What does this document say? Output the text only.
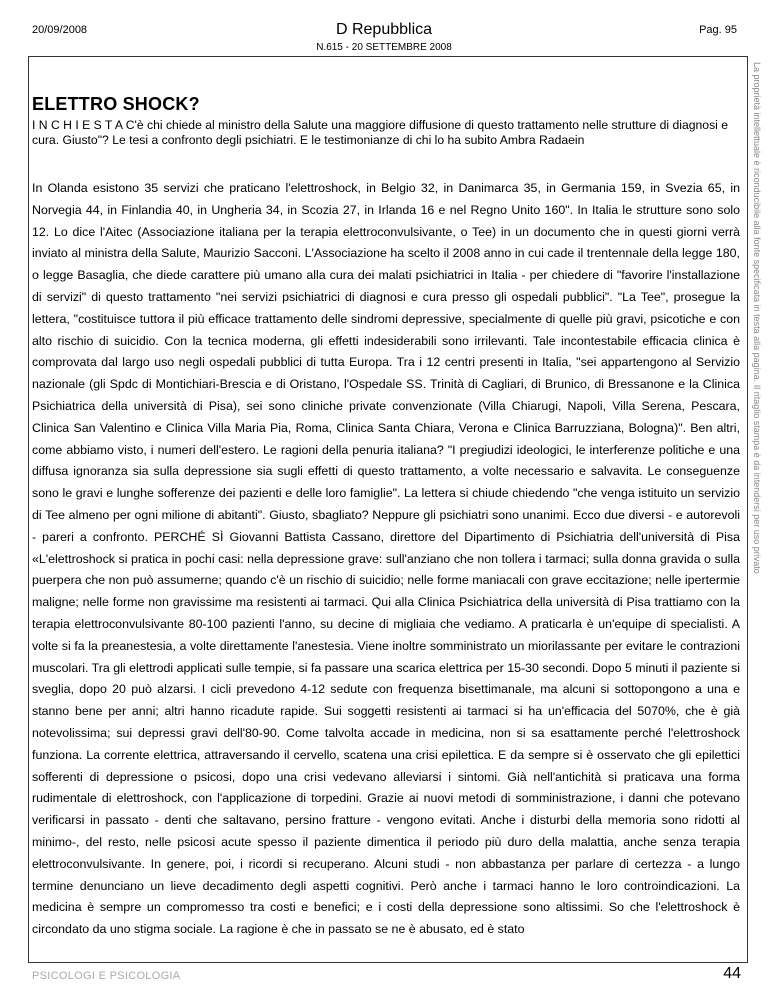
20/09/2008	D Repubblica
N.615 - 20 SETTEMBRE 2008
Pag. 95
La proprietà intellettuale è riconducibile alla fonte specificata in testa alla pagina. Il ritaglio stampa è da intendersi per uso privato
ELETTRO SHOCK?
I N C H I E S T A C'è chi chiede al ministro della Salute una maggiore diffusione di questo trattamento nelle strutture di diagnosi e cura. Giusto"? Le tesi a confronto degli psichiatri. E le testimonianze di chi lo ha subito Ambra Radaein
In Olanda esistono 35 servizi che praticano l'elettroshock, in Belgio 32, in Danimarca 35, in Germania 159, in Svezia 65, in Norvegia 44, in Finlandia 40, in Ungheria 34, in Scozia 27, in Irlanda 16 e nel Regno Unito 160". In Italia le strutture sono solo 12. Lo dice l'Aitec (Associazione italiana per la terapia elettroconvulsivante, o Tee) in un documento che in questi giorni verrà inviato al ministra della Salute, Maurizio Sacconi. L'Associazione ha scelto il 2008 anno in cui cade il trentennale della legge 180, o legge Basaglia, che diede carattere più umano alla cura dei malati psichiatrici in Italia - per chiedere di "favorire l'installazione di servizi" di questo trattamento "nei servizi psichiatrici di diagnosi e cura presso gli ospedali pubblici". "La Tee", prosegue la lettera, "costituisce tuttora il più efficace trattamento delle sindromi depressive, specialmente di quelle più gravi, psicotiche e con alto rischio di suicidio. Con la tecnica moderna, gli effetti indesiderabili sono irrilevanti. Tale incontestabile efficacia clinica è comprovata dal largo uso negli ospedali pubblici di tutta Europa. Tra i 12 centri presenti in Italia, "sei appartengono al Servizio nazionale (gli Spdc di Montichiari-Brescia e di Oristano, l'Ospedale SS. Trinità di Cagliari, di Brunico, di Bressanone e la Clinica Psichiatrica della università di Pisa), sei sono cliniche private convenzionate (Villa Chiarugi, Napoli, Villa Serena, Pescara, Clinica San Valentino e Clinica Villa Maria Pia, Roma, Clinica Santa Chiara, Verona e Clinica Barruzziana, Bologna)". Ben altri, come abbiamo visto, i numeri dell'estero. Le ragioni della penuria italiana? "I pregiudizi ideologici, le interferenze politiche e una diffusa ignoranza sia sulla depressione sia sugli effetti di questo trattamento, a volte necessario e salvavita. Le conseguenze sono le gravi e lunghe sofferenze dei pazienti e delle loro famiglie". La lettera si chiude chiedendo "che venga istituito un servizio di Tee almeno per ogni milione di abitanti". Giusto, sbagliato? Neppure gli psichiatri sono unanimi. Ecco due diversi - e autorevoli - pareri a confronto. PERCHÉ SÌ Giovanni Battista Cassano, direttore del Dipartimento di Psichiatria dell'università di Pisa «L'elettroshock si pratica in pochi casi: nella depressione grave: sull'anziano che non tollera i tarmaci; sulla donna gravida o sulla puerpera che non può assumerne; quando c'è un rischio di suicidio; nelle forme maniacali con grave eccitazione; nelle ipertermie maligne; nelle forme non gravissime ma resistenti ai tarmaci. Qui alla Clinica Psichiatrica della università di Pisa trattiamo con la terapia elettroconvulsivante 80-100 pazienti l'anno, su decine di migliaia che vediamo. A praticarla è un'equipe di specialisti. A volte si fa la preanestesia, a volte direttamente l'anestesia. Viene inoltre somministrato un miorilassante per evitare le contrazioni muscolari. Tra gli elettrodi applicati sulle tempie, si fa passare una scarica elettrica per 15-30 secondi. Dopo 5 minuti il paziente si sveglia, dopo 20 può alzarsi. I cicli prevedono 4-12 sedute con frequenza bisettimanale, ma alcuni si sottopongono a una e stanno bene per anni; altri hanno ricadute rapide. Sui soggetti resistenti ai tarmaci si ha un'efficacia del 5070%, che è già notevolissima; sui depressi gravi dell'80-90. Come talvolta accade in medicina, non si sa esattamente perché l'elettroshock funziona. La corrente elettrica, attraversando il cervello, scatena una crisi epilettica. E da sempre si è osservato che gli epilettici sofferenti di depressione o psicosi, dopo una crisi vedevano alleviarsi i sintomi. Già nell'antichità si praticava una forma rudimentale di elettroshock, con l'applicazione di torpedini. Grazie ai nuovi metodi di somministrazione, i danni che potevano verificarsi in passato - denti che saltavano, persino fratture - vengono evitati. Anche i disturbi della memoria sono ridotti al minimo-, del resto, nelle psicosi acute spesso il paziente dimentica il periodo più duro della malattia, anche senza terapia elettroconvulsivante. In genere, poi, i ricordi si recuperano. Alcuni studi - non abbastanza per parlare di certezza - a lungo termine denunciano un lieve decadimento degli aspetti cognitivi. Però anche i tarmaci hanno le loro controindicazioni. La medicina è sempre un compromesso tra costi e benefici; e i costi della depressione sono altissimi. So che l'elettroshock è circondato da uno stigma sociale. La ragione è che in passato se ne è abusato, ed è stato
PSICOLOGI E PSICOLOGIA	44
